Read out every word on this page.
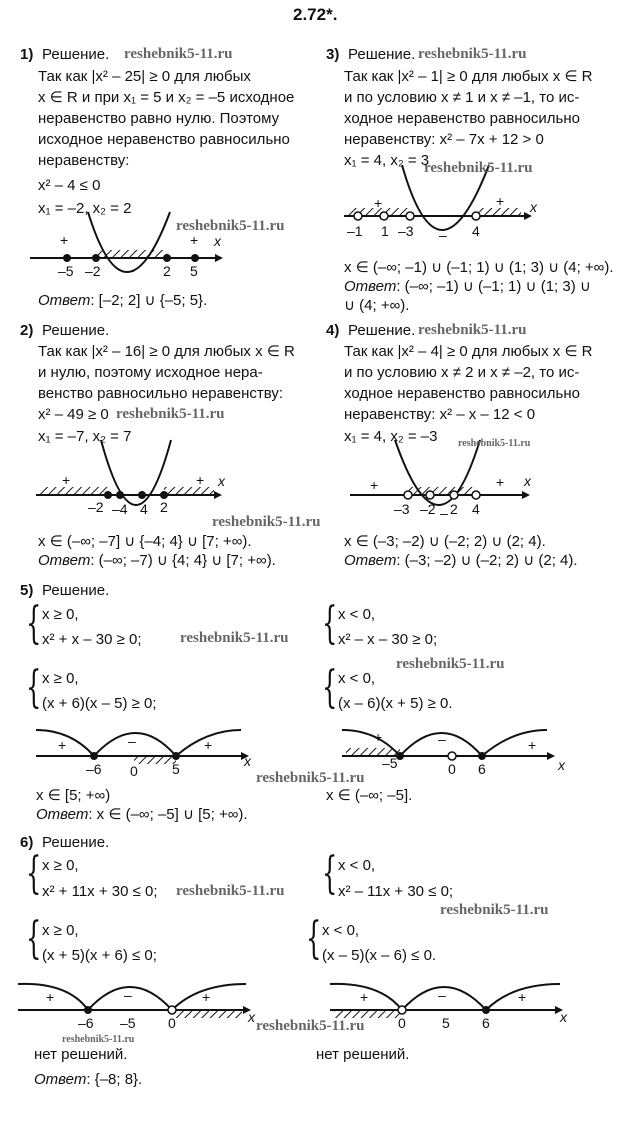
2.72*.
1) Решение.
Так как |x² – 25| ≥ 0 для любых
x ∈ R и при x₁ = 5 и x₂ = –5 исходное
неравенство равно нулю. Поэтому
исходное неравенство равносильно
неравенству:
x² – 4 ≤ 0
x₁ = –2, x₂ = 2
+
–
+ x
–5 –2	2 5
Ответ: [–2; 2] ∪ {–5; 5}.
3) Решение.
Так как |x² – 1| ≥ 0 для любых x ∈ R
и по условию x ≠ 1 и x ≠ –1, то ис-
ходное неравенство равносильно
неравенству: x² – 7x + 12 > 0
x₁ = 4, x₂ = 3
+
–
+ x
–1 1 –3	4
x ∈ (–∞; –1) ∪ (–1; 1) ∪ (1; 3) ∪ (4; +∞).
Ответ: (–∞; –1) ∪ (–1; 1) ∪ (1; 3) ∪
∪ (4; +∞).
2) Решение.
Так как |x² – 16| ≥ 0 для любых x ∈ R
и нулю, поэтому исходное нера-
венство равносильно неравенству:
x² – 49 ≥ 0
x₁ = –7, x₂ = 7
+	+ x
–2 –4 4 2
x ∈ (–∞; –7] ∪ {–4; 4} ∪ [7; +∞).
Ответ: (–∞; –7) ∪ {4; 4} ∪ [7; +∞).
4) Решение.
Так как |x² – 4| ≥ 0 для любых x ∈ R
и по условию x ≠ 2 и x ≠ –2, то ис-
ходное неравенство равносильно
неравенству: x² – x – 12 < 0
x₁ = 4, x₂ = –3
+
–
+ x
–3 –2 2 4
x ∈ (–3; –2) ∪ (–2; 2) ∪ (2; 4).
Ответ: (–3; –2) ∪ (–2; 2) ∪ (2; 4).
5) Решение.
{ x ≥ 0,
x² + x – 30 ≥ 0;	{ x < 0,
x² – x – 30 ≥ 0;
{ x ≥ 0,
(x + 6)(x – 5) ≥ 0;	{ x < 0,
(x – 6)(x + 5) ≥ 0.
+	–	+
x
–6 0 5
+	–	+
x
–5	0 6
x ∈ [5; +∞)	x ∈ (–∞; –5].
Ответ: x ∈ (–∞; –5] ∪ [5; +∞).
6) Решение.
{ x ≥ 0,
x² + 11x + 30 ≤ 0;	{ x < 0,
x² – 11x + 30 ≤ 0;
{ x ≥ 0,
(x + 5)(x + 6) ≤ 0;	{ x < 0,
(x – 5)(x – 6) ≤ 0.
+	–	+
x
–6 –5 0
+	–	+
x
0	5 6
нет решений.	нет решений.
Ответ: {–8; 8}.
reshebnik5-11.ru	reshebnik5-11.ru
reshebnik5-11.ru
reshebnik5-11.ru
reshebnik5-11.ru
reshebnik5-11.ru
reshebnik5-11.ru
reshebnik5-11.ru
reshebnik5-11.ru
reshebnik5-11.ru
reshebnik5-11.ru
reshebnik5-11.ru
reshebnik5-11.ru
reshebnik5-11.ru
reshebnik5-11.ru
